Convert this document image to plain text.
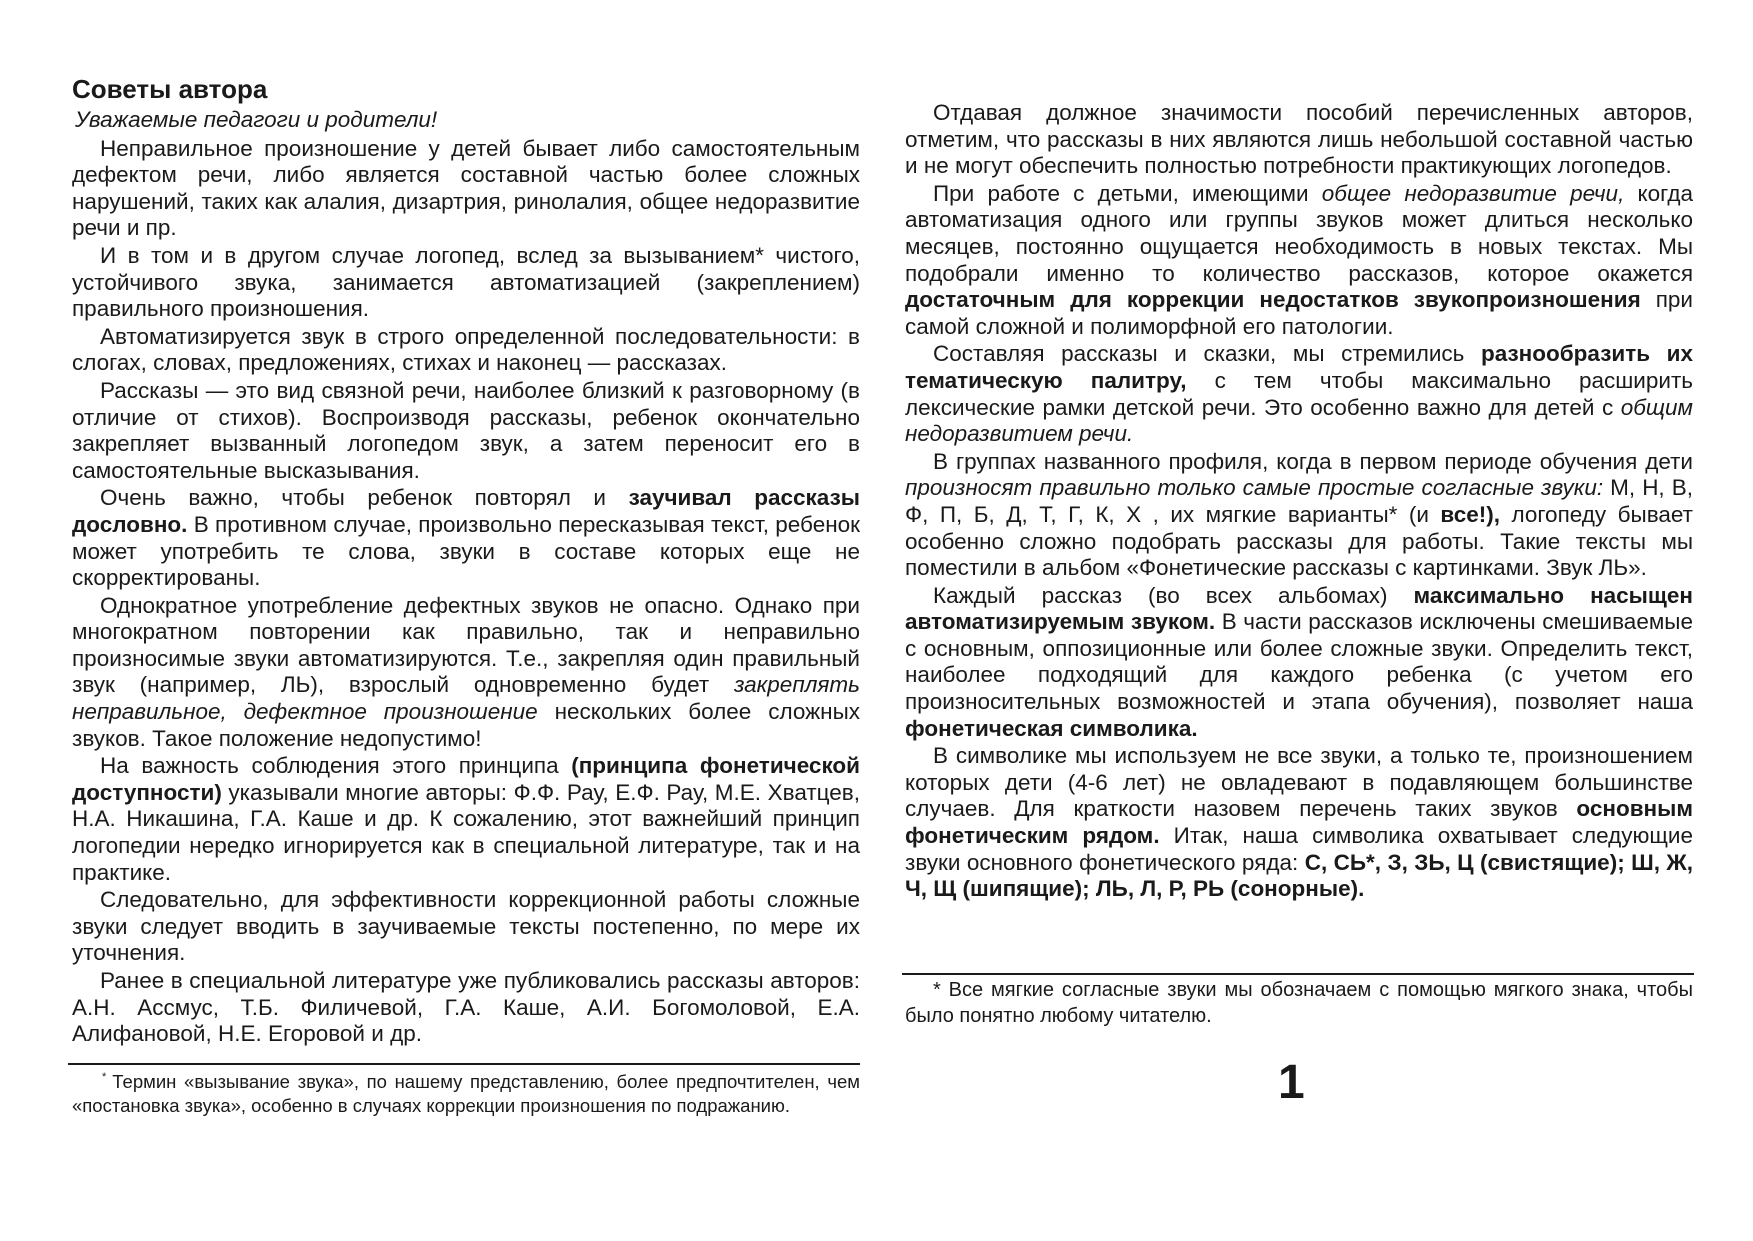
Советы автора

Уважаемые педагоги и родители!

Неправильное произношение у детей бывает либо самостоятельным дефектом речи, либо является составной частью более сложных нарушений, таких как алалия, дизартрия, ринолалия, общее недоразвитие речи и пр.

И в том и в другом случае логопед, вслед за вызыванием* чистого, устойчивого звука, занимается автоматизацией (закреплением) правильного произношения.

Автоматизируется звук в строго определенной последовательности: в слогах, словах, предложениях, стихах и наконец — рассказах.

Рассказы — это вид связной речи, наиболее близкий к разговорному (в отличие от стихов). Воспроизводя рассказы, ребенок окончательно закрепляет вызванный логопедом звук, а затем переносит его в самостоятельные высказывания.

Очень важно, чтобы ребенок повторял и заучивал рассказы дословно. В противном случае, произвольно пересказывая текст, ребенок может употребить те слова, звуки в составе которых еще не скорректированы.

Однократное употребление дефектных звуков не опасно. Однако при многократном повторении как правильно, так и неправильно произносимые звуки автоматизируются. Т.е., закрепляя один правильный звук (например, ЛЬ), взрослый одновременно будет закреплять неправильное, дефектное произношение нескольких более сложных звуков. Такое положение недопустимо!

На важность соблюдения этого принципа (принципа фонетической доступности) указывали многие авторы: Ф.Ф. Рау, Е.Ф. Рау, М.Е. Хватцев, Н.А. Никашина, Г.А. Каше и др. К сожалению, этот важнейший принцип логопедии нередко игнорируется как в специальной литературе, так и на практике.

Следовательно, для эффективности коррекционной работы сложные звуки следует вводить в заучиваемые тексты постепенно, по мере их уточнения.

Ранее в специальной литературе уже публиковались рассказы авторов: А.Н. Ассмус, Т.Б. Филичевой, Г.А. Каше, А.И. Богомоловой, Е.А. Алифановой, Н.Е. Егоровой и др.

* Термин «вызывание звука», по нашему представлению, более предпочтителен, чем «постановка звука», особенно в случаях коррекции произношения по подражанию.

Отдавая должное значимости пособий перечисленных авторов, отметим, что рассказы в них являются лишь небольшой составной частью и не могут обеспечить полностью потребности практикующих логопедов.

При работе с детьми, имеющими общее недоразвитие речи, когда автоматизация одного или группы звуков может длиться несколько месяцев, постоянно ощущается необходимость в новых текстах. Мы подобрали именно то количество рассказов, которое окажется достаточным для коррекции недостатков звукопроизношения при самой сложной и полиморфной его патологии.

Составляя рассказы и сказки, мы стремились разнообразить их тематическую палитру, с тем чтобы максимально расширить лексические рамки детской речи. Это особенно важно для детей с общим недоразвитием речи.

В группах названного профиля, когда в первом периоде обучения дети произносят правильно только самые простые согласные звуки: М, Н, В, Ф, П, Б, Д, Т, Г, К, Х , их мягкие варианты* (и все!), логопеду бывает особенно сложно подобрать рассказы для работы. Такие тексты мы поместили в альбом «Фонетические рассказы с картинками. Звук ЛЬ».

Каждый рассказ (во всех альбомах) максимально насыщен автоматизируемым звуком. В части рассказов исключены смешиваемые с основным, оппозиционные или более сложные звуки. Определить текст, наиболее подходящий для каждого ребенка (с учетом его произносительных возможностей и этапа обучения), позволяет наша фонетическая символика.

В символике мы используем не все звуки, а только те, произношением которых дети (4-6 лет) не овладевают в подавляющем большинстве случаев. Для краткости назовем перечень таких звуков основным фонетическим рядом. Итак, наша символика охватывает следующие звуки основного фонетического ряда: С, СЬ*, З, ЗЬ, Ц (свистящие); Ш, Ж, Ч, Щ (шипящие); ЛЬ, Л, Р, РЬ (сонорные).

* Все мягкие согласные звуки мы обозначаем с помощью мягкого знака, чтобы было понятно любому читателю.
1
